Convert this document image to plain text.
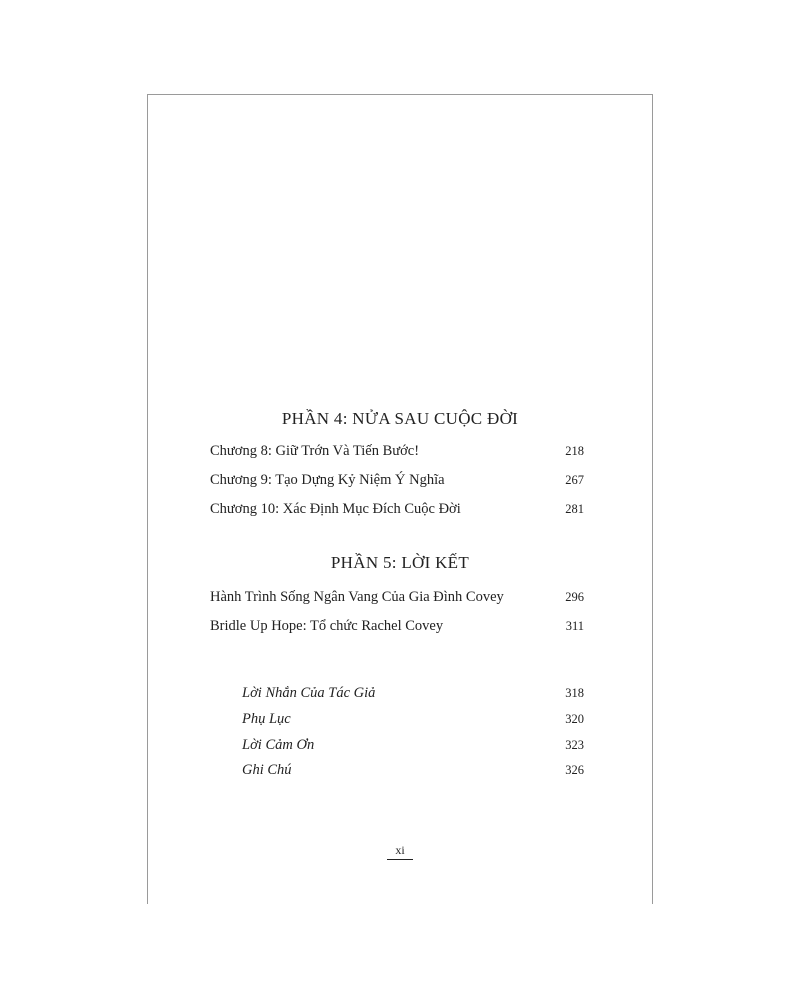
PHẦN 4: NỬA SAU CUỘC ĐỜI
Chương 8: Giữ Trớn Và Tiến Bước!	218
Chương 9: Tạo Dựng Kỷ Niệm Ý Nghĩa	267
Chương 10: Xác Định Mục Đích Cuộc Đời	281
PHẦN 5: LỜI KẾT
Hành Trình Sống Ngân Vang Của Gia Đình Covey	296
Bridle Up Hope: Tổ chức Rachel Covey	311
Lời Nhắn Của Tác Giả	318
Phụ Lục	320
Lời Cảm Ơn	323
Ghi Chú	326
xi
